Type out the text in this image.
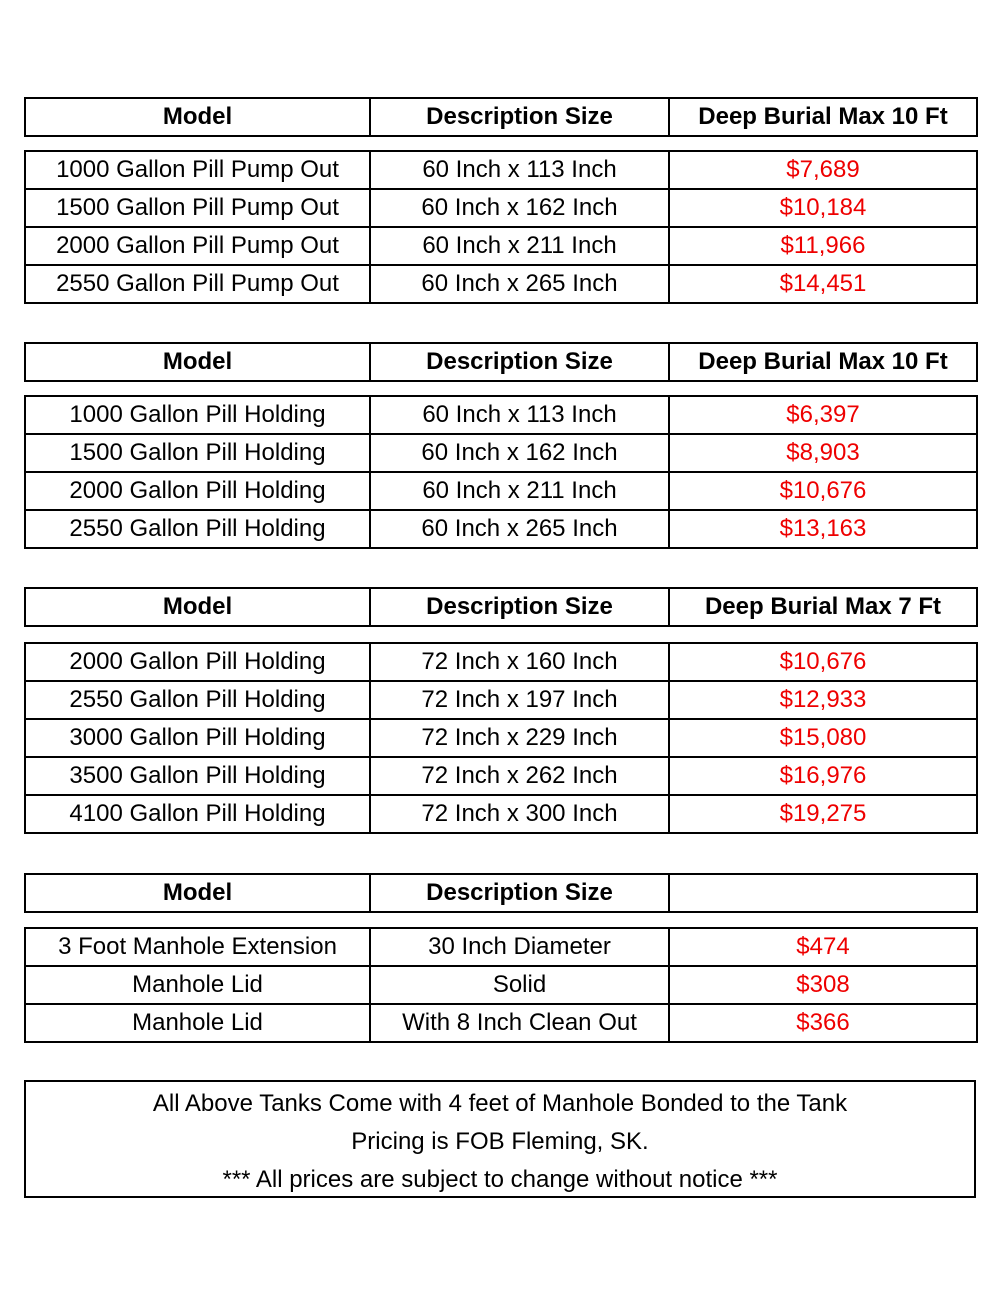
Model	Description Size	Deep Burial Max 10 Ft
1000 Gallon Pill Pump Out	60 Inch x 113 Inch	$7,689
1500 Gallon Pill Pump Out	60 Inch x 162 Inch	$10,184
2000 Gallon Pill Pump Out	60 Inch x 211 Inch	$11,966
2550 Gallon Pill Pump Out	60 Inch x 265 Inch	$14,451
Model	Description Size	Deep Burial Max 10 Ft
1000 Gallon Pill Holding	60 Inch x 113 Inch	$6,397
1500 Gallon Pill Holding	60 Inch x 162 Inch	$8,903
2000 Gallon Pill Holding	60 Inch x 211 Inch	$10,676
2550 Gallon Pill Holding	60 Inch x 265 Inch	$13,163
Model	Description Size	Deep Burial Max 7 Ft
2000 Gallon Pill Holding	72 Inch x 160 Inch	$10,676
2550 Gallon Pill Holding	72 Inch x 197 Inch	$12,933
3000 Gallon Pill Holding	72 Inch x 229 Inch	$15,080
3500 Gallon Pill Holding	72 Inch x 262 Inch	$16,976
4100 Gallon Pill Holding	72 Inch x 300 Inch	$19,275
Model	Description Size	
3 Foot Manhole Extension	30 Inch Diameter	$474
Manhole Lid	Solid	$308
Manhole Lid	With 8 Inch Clean Out	$366
All Above Tanks Come with 4 feet of Manhole Bonded to the Tank
Pricing is FOB Fleming, SK.
*** All prices are subject to change without notice ***
